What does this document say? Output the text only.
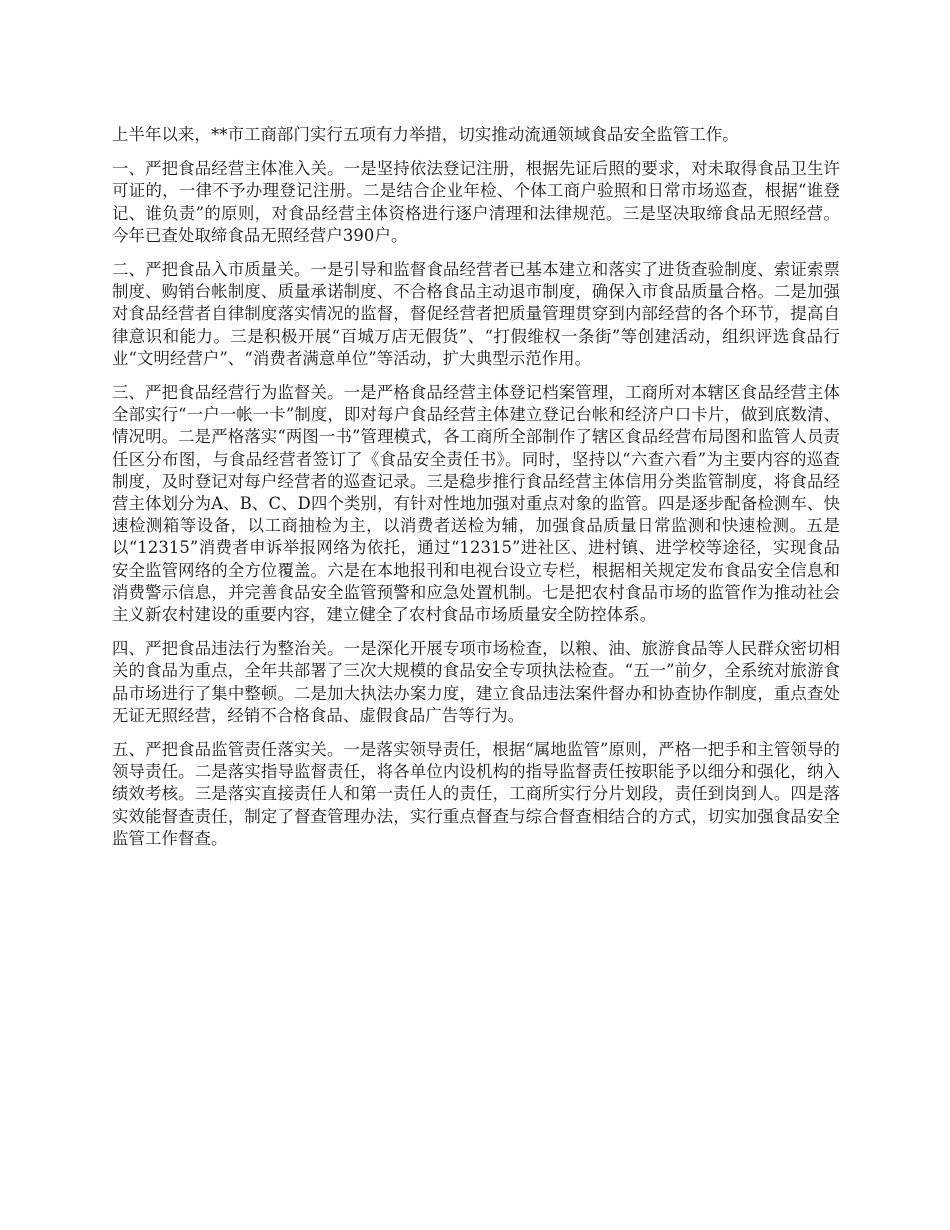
上半年以来，**市工商部门实行五项有力举措，切实推动流通领域食品安全监管工作。

一、严把食品经营主体准入关。一是坚持依法登记注册，根据先证后照的要求，对未取得食品卫生许可证的，一律不予办理登记注册。二是结合企业年检、个体工商户验照和日常市场巡查，根据“谁登记、谁负责”的原则，对食品经营主体资格进行逐户清理和法律规范。三是坚决取缔食品无照经营。今年已查处取缔食品无照经营户390户。

二、严把食品入市质量关。一是引导和监督食品经营者已基本建立和落实了进货查验制度、索证索票制度、购销台帐制度、质量承诺制度、不合格食品主动退市制度，确保入市食品质量合格。二是加强对食品经营者自律制度落实情况的监督，督促经营者把质量管理贯穿到内部经营的各个环节，提高自律意识和能力。三是积极开展“百城万店无假货”、“打假维权一条街”等创建活动，组织评选食品行业“文明经营户”、“消费者满意单位”等活动，扩大典型示范作用。

三、严把食品经营行为监督关。一是严格食品经营主体登记档案管理，工商所对本辖区食品经营主体全部实行“一户一帐一卡”制度，即对每户食品经营主体建立登记台帐和经济户口卡片，做到底数清、情况明。二是严格落实“两图一书”管理模式，各工商所全部制作了辖区食品经营布局图和监管人员责任区分布图，与食品经营者签订了《食品安全责任书》。同时，坚持以“六查六看”为主要内容的巡查制度，及时登记对每户经营者的巡查记录。三是稳步推行食品经营主体信用分类监管制度，将食品经营主体划分为A、B、C、D四个类别，有针对性地加强对重点对象的监管。四是逐步配备检测车、快速检测箱等设备，以工商抽检为主，以消费者送检为辅，加强食品质量日常监测和快速检测。五是以“12315”消费者申诉举报网络为依托，通过“12315”进社区、进村镇、进学校等途径，实现食品安全监管网络的全方位覆盖。六是在本地报刊和电视台设立专栏，根据相关规定发布食品安全信息和消费警示信息，并完善食品安全监管预警和应急处置机制。七是把农村食品市场的监管作为推动社会主义新农村建设的重要内容，建立健全了农村食品市场质量安全防控体系。

四、严把食品违法行为整治关。一是深化开展专项市场检查，以粮、油、旅游食品等人民群众密切相关的食品为重点，全年共部署了三次大规模的食品安全专项执法检查。“五一”前夕，全系统对旅游食品市场进行了集中整顿。二是加大执法办案力度，建立食品违法案件督办和协查协作制度，重点查处无证无照经营，经销不合格食品、虚假食品广告等行为。

五、严把食品监管责任落实关。一是落实领导责任，根据“属地监管”原则，严格一把手和主管领导的领导责任。二是落实指导监督责任，将各单位内设机构的指导监督责任按职能予以细分和强化，纳入绩效考核。三是落实直接责任人和第一责任人的责任，工商所实行分片划段，责任到岗到人。四是落实效能督查责任，制定了督查管理办法，实行重点督查与综合督查相结合的方式，切实加强食品安全监管工作督查。
